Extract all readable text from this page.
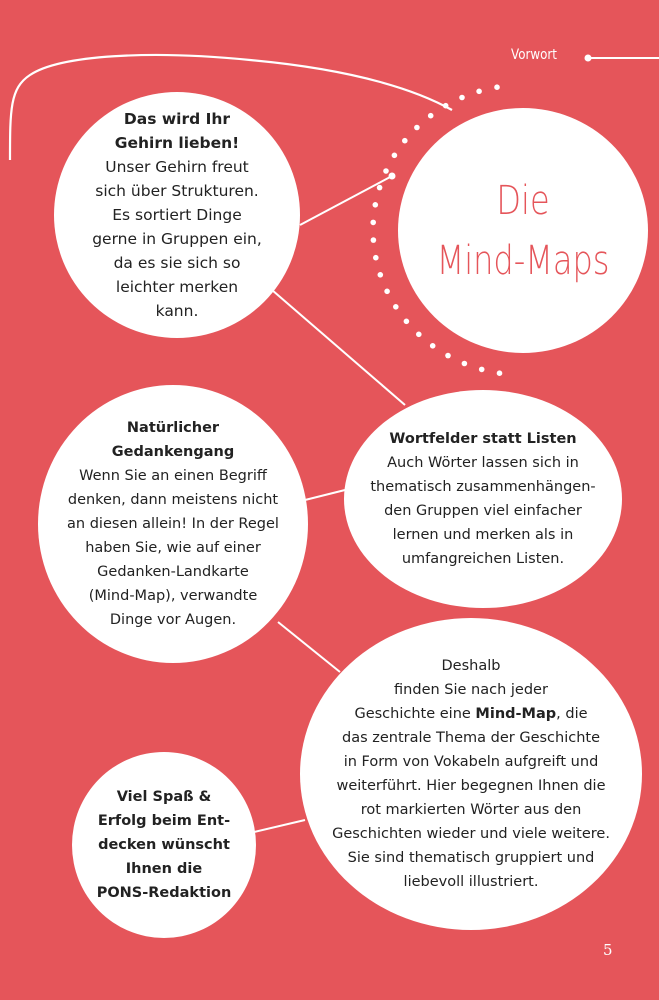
Vorwort
Die
Mind-Maps
Das wird Ihr
Gehirn lieben!
Unser Gehirn freut
sich über Strukturen.
Es sortiert Dinge
gerne in Gruppen ein,
da es sie sich so
leichter merken
kann.
Natürlicher
Gedankengang
Wenn Sie an einen Begriff
denken, dann meistens nicht
an diesen allein! In der Regel
haben Sie, wie auf einer
Gedanken-Landkarte
(Mind-Map), verwandte
Dinge vor Augen.
Wortfelder statt Listen
Auch Wörter lassen sich in
thematisch zusammenhängen-
den Gruppen viel einfacher
lernen und merken als in
umfangreichen Listen.
Deshalb
finden Sie nach jeder
Geschichte eine Mind-Map, die
das zentrale Thema der Geschichte
in Form von Vokabeln aufgreift und
weiterführt. Hier begegnen Ihnen die
rot markierten Wörter aus den
Geschichten wieder und viele weitere.
Sie sind thematisch gruppiert und
liebevoll illustriert.
Viel Spaß &
Erfolg beim Ent-
decken wünscht
Ihnen die
PONS-Redaktion
5
